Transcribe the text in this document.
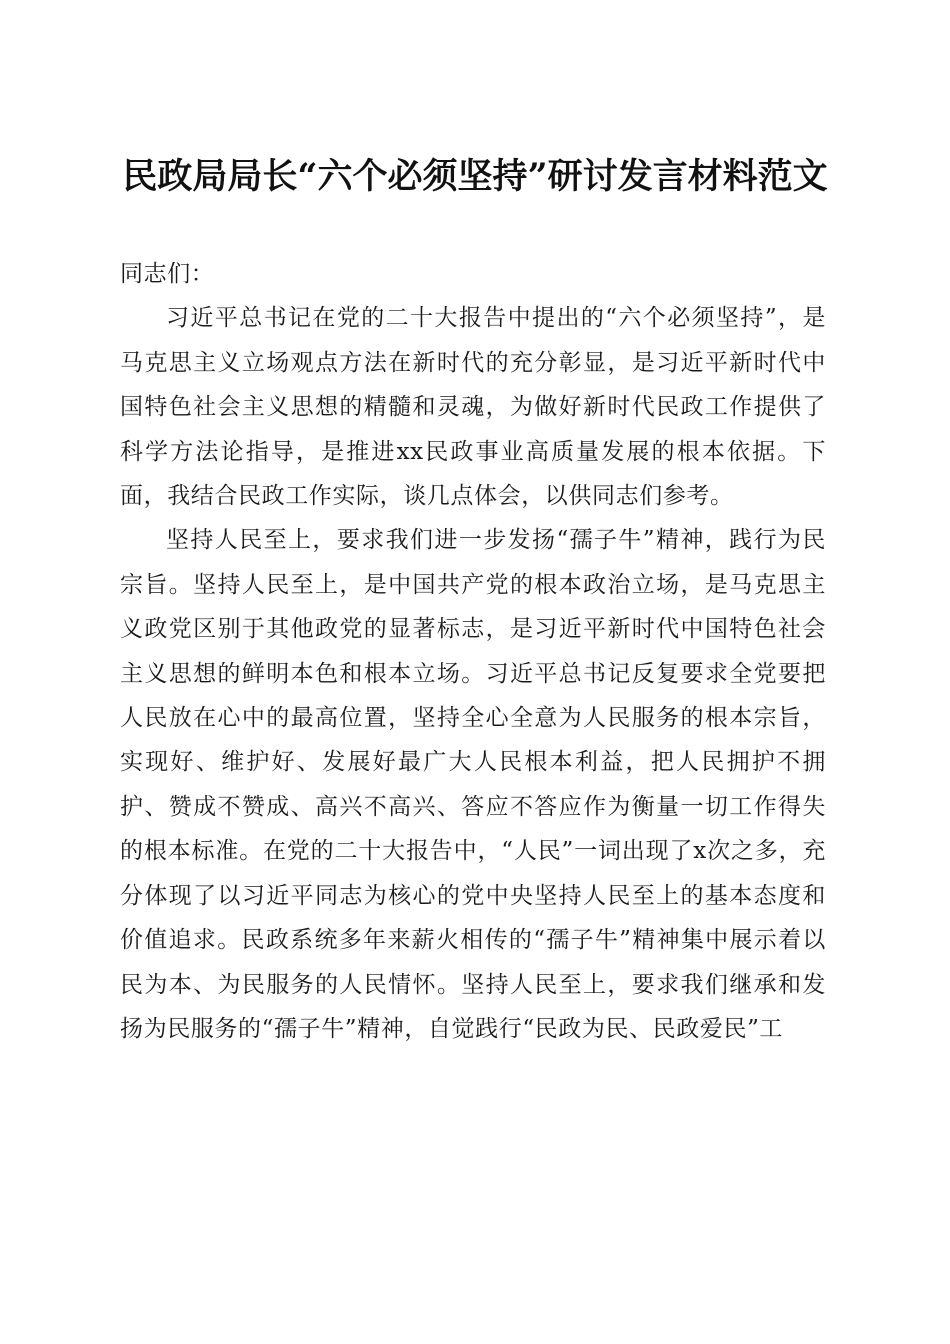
民政局局长“六个必须坚持”研讨发言材料范文

同志们：

习近平总书记在党的二十大报告中提出的“六个必须坚持”，是马克思主义立场观点方法在新时代的充分彰显，是习近平新时代中国特色社会主义思想的精髓和灵魂，为做好新时代民政工作提供了科学方法论指导，是推进xx民政事业高质量发展的根本依据。下面，我结合民政工作实际，谈几点体会，以供同志们参考。

坚持人民至上，要求我们进一步发扬“孺子牛”精神，践行为民宗旨。坚持人民至上，是中国共产党的根本政治立场，是马克思主义政党区别于其他政党的显著标志，是习近平新时代中国特色社会主义思想的鲜明本色和根本立场。习近平总书记反复要求全党要把人民放在心中的最高位置，坚持全心全意为人民服务的根本宗旨，实现好、维护好、发展好最广大人民根本利益，把人民拥护不拥护、赞成不赞成、高兴不高兴、答应不答应作为衡量一切工作得失的根本标准。在党的二十大报告中，“人民”一词出现了x次之多，充分体现了以习近平同志为核心的党中央坚持人民至上的基本态度和价值追求。民政系统多年来薪火相传的“孺子牛”精神集中展示着以民为本、为民服务的人民情怀。坚持人民至上，要求我们继承和发扬为民服务的“孺子牛”精神，自觉践行“民政为民、民政爱民”工
